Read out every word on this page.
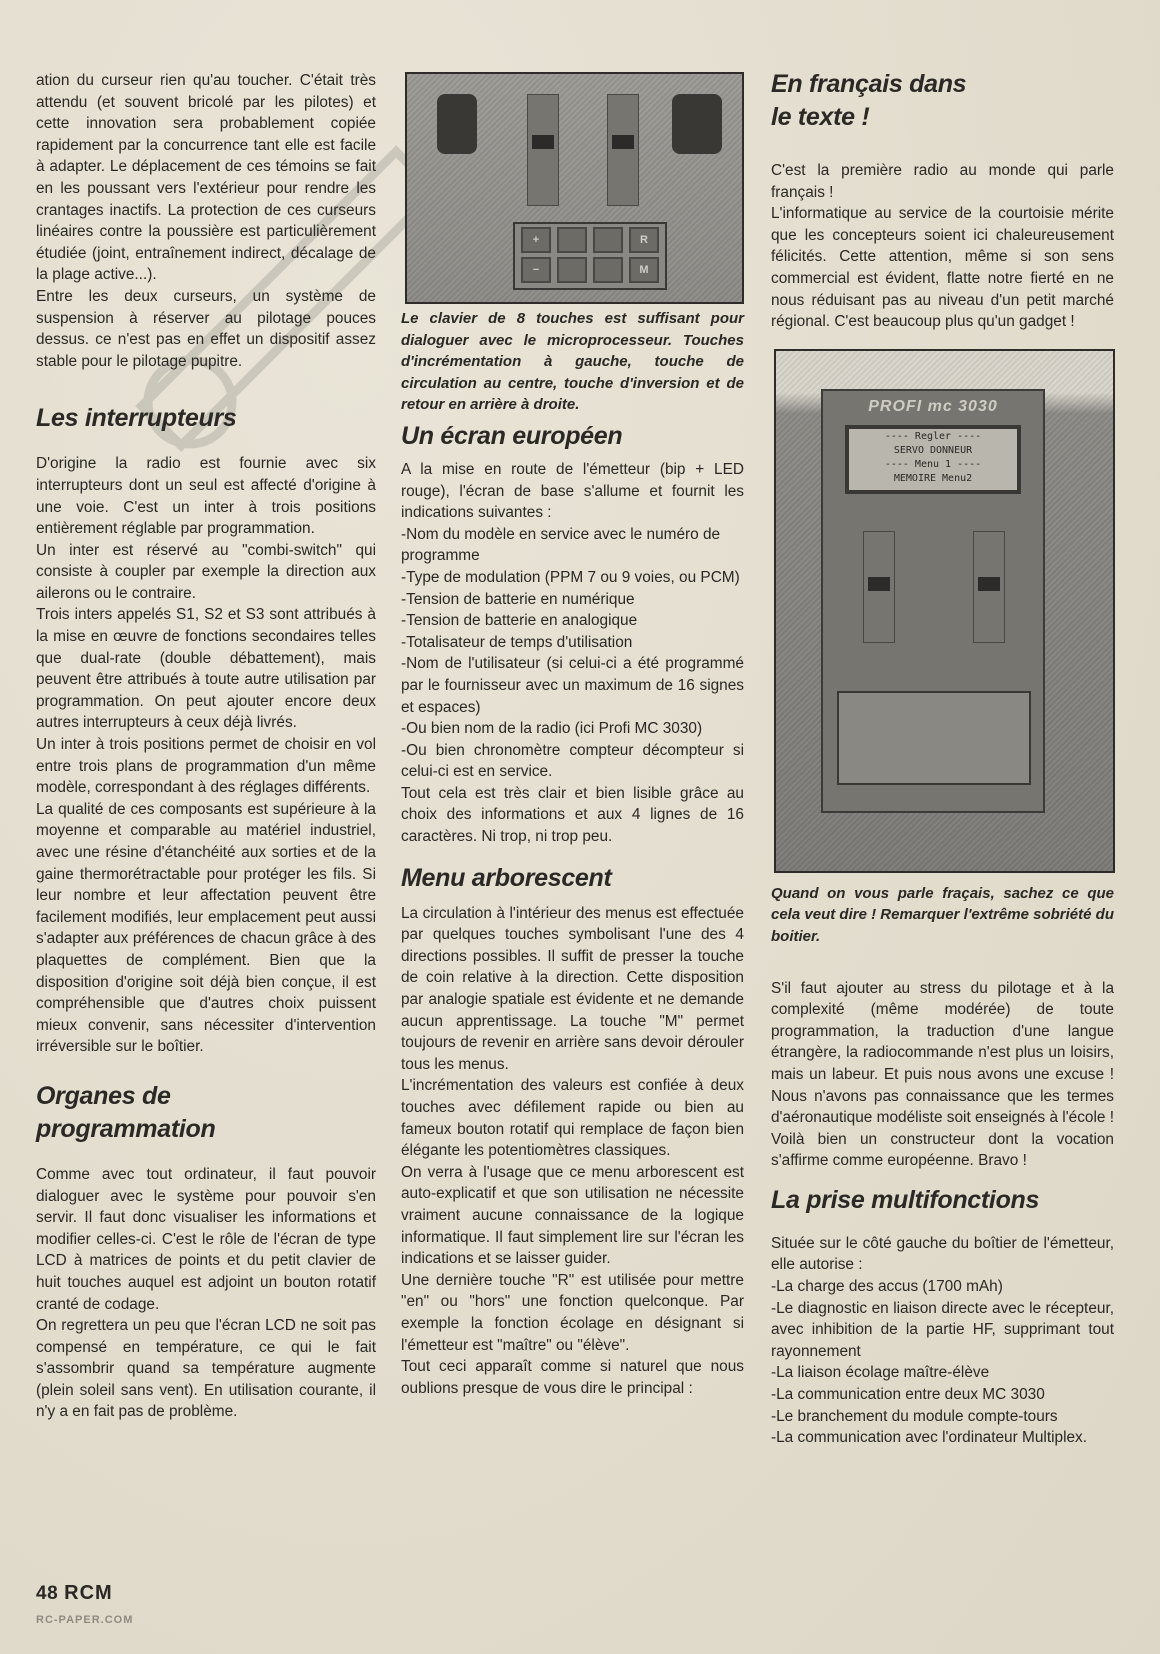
ation du curseur rien qu'au toucher. C'était très attendu (et souvent bricolé par les pilotes) et cette innovation sera probablement copiée rapidement par la concurrence tant elle est facile à adapter. Le déplacement de ces témoins se fait en les poussant vers l'extérieur pour rendre les crantages inactifs. La protection de ces curseurs linéaires contre la poussière est particulièrement étudiée (joint, entraînement indirect, décalage de la plage active...).

Entre les deux curseurs, un système de suspension à réserver au pilotage pouces dessus. ce n'est pas en effet un dispositif assez stable pour le pilotage pupitre.

Les interrupteurs

D'origine la radio est fournie avec six interrupteurs dont un seul est affecté d'origine à une voie. C'est un inter à trois positions entièrement réglable par programmation.

Un inter est réservé au "combi-switch" qui consiste à coupler par exemple la direction aux ailerons ou le contraire.

Trois inters appelés S1, S2 et S3 sont attribués à la mise en œuvre de fonctions secondaires telles que dual-rate (double débattement), mais peuvent être attribués à toute autre utilisation par programmation. On peut ajouter encore deux autres interrupteurs à ceux déjà livrés.

Un inter à trois positions permet de choisir en vol entre trois plans de programmation d'un même modèle, correspondant à des réglages différents.

La qualité de ces composants est supérieure à la moyenne et comparable au matériel industriel, avec une résine d'étanchéité aux sorties et de la gaine thermorétractable pour protéger les fils. Si leur nombre et leur affectation peuvent être facilement modifiés, leur emplacement peut aussi s'adapter aux préférences de chacun grâce à des plaquettes de complément. Bien que la disposition d'origine soit déjà bien conçue, il est compréhensible que d'autres choix puissent mieux convenir, sans nécessiter d'intervention irréversible sur le boîtier.

Organes de
programmation

Comme avec tout ordinateur, il faut pouvoir dialoguer avec le système pour pouvoir s'en servir. Il faut donc visualiser les informations et modifier celles-ci. C'est le rôle de l'écran de type LCD à matrices de points et du petit clavier de huit touches auquel est adjoint un bouton rotatif cranté de codage.

On regrettera un peu que l'écran LCD ne soit pas compensé en température, ce qui le fait s'assombrir quand sa température augmente (plein soleil sans vent). En utilisation courante, il n'y a en fait pas de problème.

+	R
−	M

Le clavier de 8 touches est suffisant pour dialoguer avec le microprocesseur. Touches d'incrémentation à gauche, touche de circulation au centre, touche d'inversion et de retour en arrière à droite.

Un écran européen

A la mise en route de l'émetteur (bip + LED rouge), l'écran de base s'allume et fournit les indications suivantes :

-Nom du modèle en service avec le numéro de programme

-Type de modulation (PPM 7 ou 9 voies, ou PCM)

-Tension de batterie en numérique

-Tension de batterie en analogique

-Totalisateur de temps d'utilisation

-Nom de l'utilisateur (si celui-ci a été programmé par le fournisseur avec un maximum de 16 signes et espaces)

-Ou bien nom de la radio (ici Profi MC 3030)

-Ou bien chronomètre compteur décompteur si celui-ci est en service.

Tout cela est très clair et bien lisible grâce au choix des informations et aux 4 lignes de 16 caractères. Ni trop, ni trop peu.

Menu arborescent

La circulation à l'intérieur des menus est effectuée par quelques touches symbolisant l'une des 4 directions possibles. Il suffit de presser la touche de coin relative à la direction. Cette disposition par analogie spatiale est évidente et ne demande aucun apprentissage. La touche "M" permet toujours de revenir en arrière sans devoir dérouler tous les menus.

L'incrémentation des valeurs est confiée à deux touches avec défilement rapide ou bien au fameux bouton rotatif qui remplace de façon bien élégante les potentiomètres classiques.

On verra à l'usage que ce menu arborescent est auto-explicatif et que son utilisation ne nécessite vraiment aucune connaissance de la logique informatique. Il faut simplement lire sur l'écran les indications et se laisser guider.

Une dernière touche "R" est utilisée pour mettre "en" ou "hors" une fonction quelconque. Par exemple la fonction écolage en désignant si l'émetteur est "maître" ou "élève".

Tout ceci apparaît comme si naturel que nous oublions presque de vous dire le principal :

En français dans
le texte !

C'est la première radio au monde qui parle français !

L'informatique au service de la courtoisie mérite que les concepteurs soient ici chaleureusement félicités. Cette attention, même si son sens commercial est évident, flatte notre fierté en ne nous réduisant pas au niveau d'un petit marché régional. C'est beaucoup plus qu'un gadget !

PROFI mc 3030
---- Regler ----
SERVO DONNEUR
---- Menu 1 ----
MEMOIRE Menu2

Quand on vous parle fraçais, sachez ce que cela veut dire ! Remarquer l'extrême sobriété du boitier.

S'il faut ajouter au stress du pilotage et à la complexité (même modérée) de toute programmation, la traduction d'une langue étrangère, la radiocommande n'est plus un loisirs, mais un labeur. Et puis nous avons une excuse ! Nous n'avons pas connaissance que les termes d'aéronautique modéliste soit enseignés à l'école !

Voilà bien un constructeur dont la vocation s'affirme comme européenne. Bravo !

La prise multifonctions

Située sur le côté gauche du boîtier de l'émetteur, elle autorise :

-La charge des accus (1700 mAh)

-Le diagnostic en liaison directe avec le récepteur, avec inhibition de la partie HF, supprimant tout rayonnement

-La liaison écolage maître-élève

-La communication entre deux MC 3030

-Le branchement du module compte-tours

-La communication avec l'ordinateur Multiplex.

48 RCM
RC-PAPER.COM
